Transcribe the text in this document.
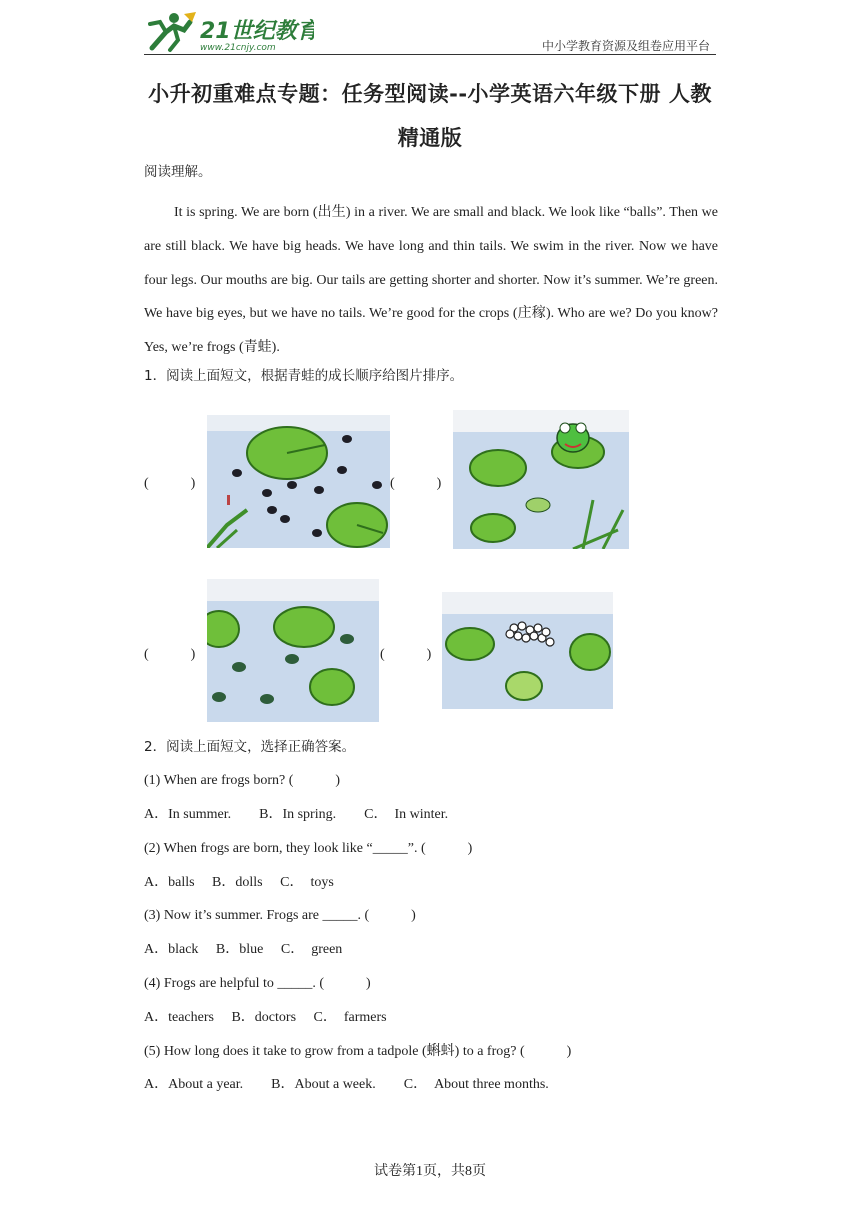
21世纪教育
www.21cnjy.com	中小学教育资源及组卷应用平台
小升初重难点专题：任务型阅读--小学英语六年级下册 人教精通版
阅读理解。
It is spring. We are born (出生) in a river. We are small and black. We look like “balls”. Then we are still black. We have big heads. We have long and thin tails. We swim in the river. Now we have four legs. Our mouths are big. Our tails are getting shorter and shorter. Now it’s summer. We’re green. We have big eyes, but we have no tails. We’re good for the crops (庄稼). Who are we? Do you know? Yes, we’re frogs (青蛙).
1．阅读上面短文，根据青蛙的成长顺序给图片排序。
(　　　)	(　　　)
(　　　)	(　　　)
2．阅读上面短文，选择正确答案。
(1) When are frogs born? (　　　)
A．In summer.　　B．In spring.　　C．　In winter.
(2) When frogs are born, they look like “_____”. (　　　)
A．balls　 B．dolls　 C．　toys
(3) Now it’s summer. Frogs are _____. (　　　)
A．black　 B．blue　 C．　green
(4) Frogs are helpful to _____. (　　　)
A．teachers　 B．doctors　 C．　farmers
(5) How long does it take to grow from a tadpole (蝌蚪) to a frog? (　　　)
A．About a year.　　B．About a week.　　C．　About three months.
试卷第1页，共8页
